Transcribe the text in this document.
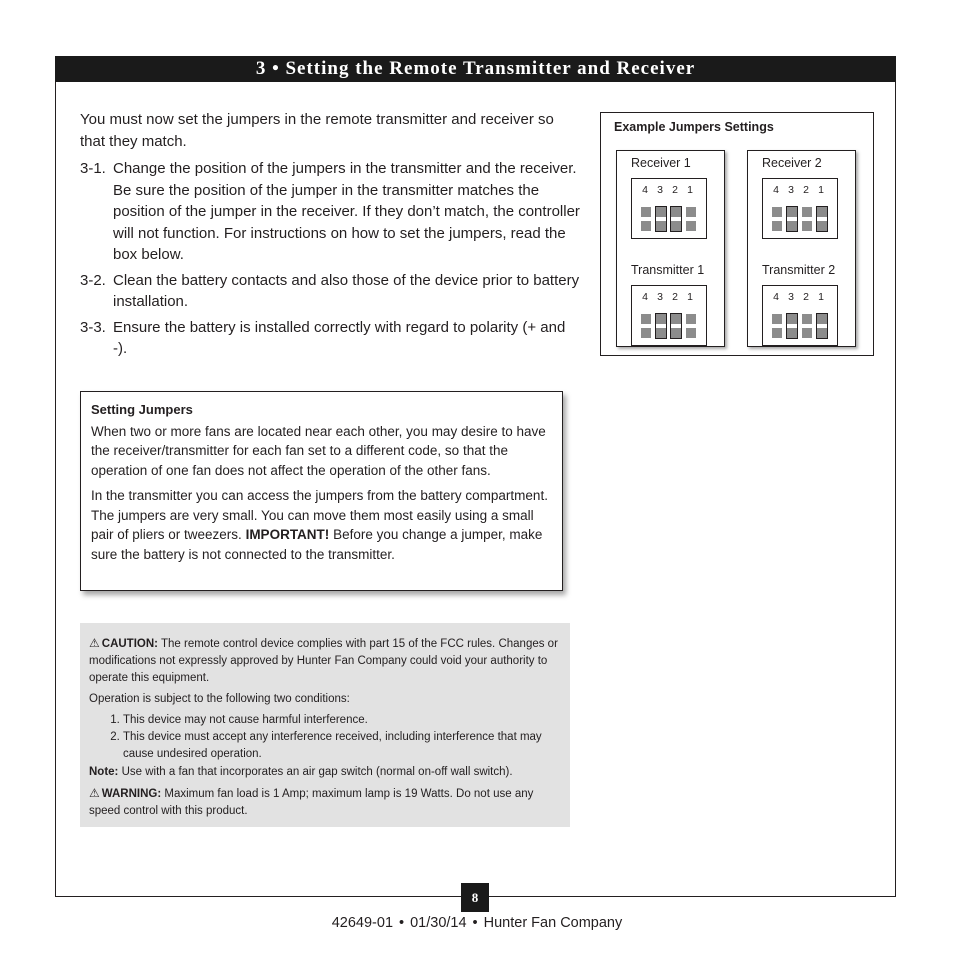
3 • Setting the Remote Transmitter and Receiver

You must now set the jumpers in the remote transmitter and receiver so that they match.

3-1. Change the position of the jumpers in the transmitter and the receiver. Be sure the position of the jumper in the transmitter matches the position of the jumper in the receiver. If they don’t match, the controller will not function. For instructions on how to set the jumpers, read the box below.
3-2. Clean the battery contacts and also those of the device prior to battery installation.
3-3. Ensure the battery is installed correctly with regard to polarity (+ and -).
Setting Jumpers

When two or more fans are located near each other, you may desire to have the receiver/transmitter for each fan set to a different code, so that the operation of one fan does not affect the operation of the other fans.

In the transmitter you can access the jumpers from the battery compartment. The jumpers are very small. You can move them most easily using a small pair of pliers or tweezers. IMPORTANT! Before you change a jumper, make sure the battery is not connected to the transmitter.

⚠ CAUTION: The remote control device complies with part 15 of the FCC rules. Changes or modifications not expressly approved by Hunter Fan Company could void your authority to operate this equipment.

Operation is subject to the following two conditions:

1. This device may not cause harmful interference.
2. This device must accept any interference received, including interference that may cause undesired operation.

Note: Use with a fan that incorporates an air gap switch (normal on-off wall switch).

⚠ WARNING: Maximum fan load is 1 Amp; maximum lamp is 19 Watts. Do not use any speed control with this product.

Example Jumpers Settings
Receiver 1
4 3 2 1
Transmitter 1
4 3 2 1
Receiver 2
4 3 2 1
Transmitter 2
4 3 2 1
8
42649-01 • 01/30/14 • Hunter Fan Company
